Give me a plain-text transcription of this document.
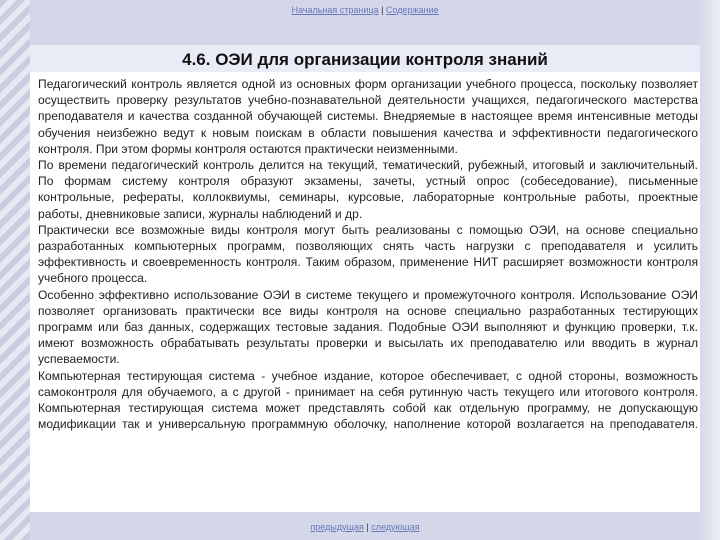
Начальная страница | Содержание
4.6. ОЭИ для организации контроля знаний

Педагогический контроль является одной из основных форм организации учебного процесса, поскольку позволяет осуществить проверку результатов учебно-познавательной деятельности учащихся, педагогического мастерства преподавателя и качества созданной обучающей системы. Внедряемые в настоящее время интенсивные методы обучения неизбежно ведут к новым поискам в области повышения качества и эффективности педагогического контроля. При этом формы контроля остаются практически неизменными.

По времени педагогический контроль делится на текущий, тематический, рубежный, итоговый и заключительный. По формам систему контроля образуют экзамены, зачеты, устный опрос (собеседование), письменные контрольные, рефераты, коллоквиумы, семинары, курсовые, лабораторные контрольные работы, проектные работы, дневниковые записи, журналы наблюдений и др.

Практически все возможные виды контроля могут быть реализованы с помощью ОЭИ, на основе специально разработанных компьютерных программ, позволяющих снять часть нагрузки с преподавателя и усилить эффективность и своевременность контроля. Таким образом, применение НИТ расширяет возможности контроля учебного процесса.

Особенно эффективно использование ОЭИ в системе текущего и промежуточного контроля. Использование ОЭИ позволяет организовать практически все виды контроля на основе специально разработанных тестирующих программ или баз данных, содержащих тестовые задания. Подобные ОЭИ выполняют и функцию проверки, т.к. имеют возможность обрабатывать результаты проверки и высылать их преподавателю или вводить в журнал успеваемости.

Компьютерная тестирующая система - учебное издание, которое обеспечивает, с одной стороны, возможность самоконтроля для обучаемого, а с другой - принимает на себя рутинную часть текущего или итогового контроля. Компьютерная тестирующая система может представлять собой как отдельную программу, не допускающую модификации так и универсальную программную оболочку, наполнение которой возлагается на преподавателя.

предыдущая | следующая
